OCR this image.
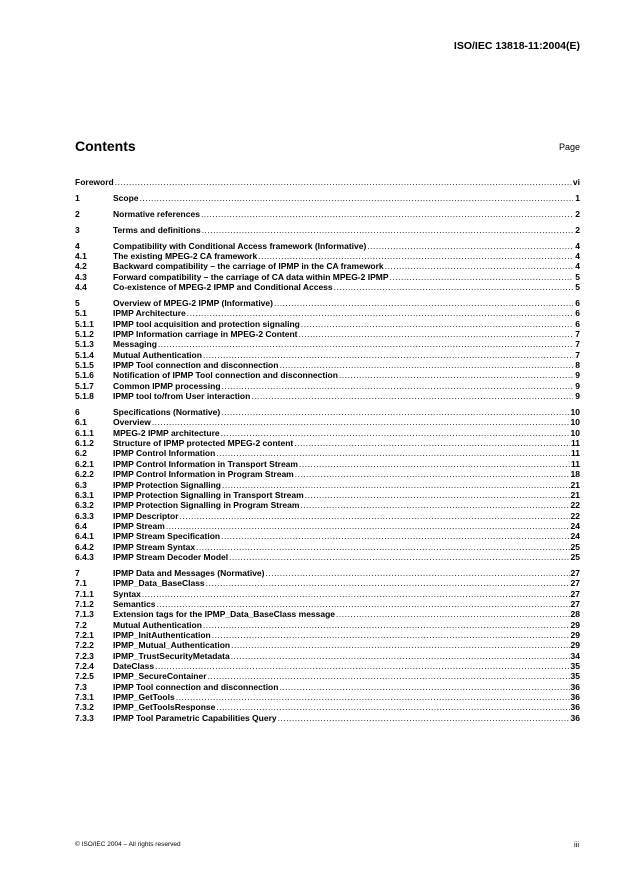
ISO/IEC 13818-11:2004(E)
Contents	Page
Foreword .....	vi
1	Scope .....	1
2	Normative references .....	2
3	Terms and definitions .....	2
4	Compatibility with Conditional Access framework (Informative) .....	4
4.1	The existing MPEG-2 CA framework .....	4
4.2	Backward compatibility – the carriage of IPMP in the CA framework .....	4
4.3	Forward compatibility – the carriage of CA data within MPEG-2 IPMP .....	5
4.4	Co-existence of MPEG-2 IPMP and Conditional Access .....	5
5	Overview of MPEG-2 IPMP (Informative) .....	6
5.1	IPMP Architecture .....	6
5.1.1	IPMP tool acquisition and protection signaling .....	6
5.1.2	IPMP Information carriage in MPEG-2 Content .....	7
5.1.3	Messaging .....	7
5.1.4	Mutual Authentication .....	7
5.1.5	IPMP Tool connection and disconnection .....	8
5.1.6	Notification of IPMP Tool connection and disconnection .....	9
5.1.7	Common IPMP processing .....	9
5.1.8	IPMP tool to/from User interaction .....	9
6	Specifications (Normative) .....	10
6.1	Overview .....	10
6.1.1	MPEG-2 IPMP architecture .....	10
6.1.2	Structure of IPMP protected MPEG-2 content .....	11
6.2	IPMP Control Information .....	11
6.2.1	IPMP Control Information in Transport Stream .....	11
6.2.2	IPMP Control Information in Program Stream .....	18
6.3	IPMP Protection Signalling .....	21
6.3.1	IPMP Protection Signalling in Transport Stream .....	21
6.3.2	IPMP Protection Signalling in Program Stream .....	22
6.3.3	IPMP Descriptor .....	22
6.4	IPMP Stream .....	24
6.4.1	IPMP Stream Specification .....	24
6.4.2	IPMP Stream Syntax .....	25
6.4.3	IPMP Stream Decoder Model .....	25
7	IPMP Data and Messages (Normative) .....	27
7.1	IPMP_Data_BaseClass .....	27
7.1.1	Syntax .....	27
7.1.2	Semantics .....	27
7.1.3	Extension tags for the IPMP_Data_BaseClass message .....	28
7.2	Mutual Authentication .....	29
7.2.1	IPMP_InitAuthentication .....	29
7.2.2	IPMP_Mutual_Authentication .....	29
7.2.3	IPMP_TrustSecurityMetadata .....	34
7.2.4	DateClass .....	35
7.2.5	IPMP_SecureContainer .....	35
7.3	IPMP Tool connection and disconnection .....	36
7.3.1	IPMP_GetTools .....	36
7.3.2	IPMP_GetToolsResponse .....	36
7.3.3	IPMP Tool Parametric Capabilities Query .....	36
© ISO/IEC 2004 – All rights reserved	iii
